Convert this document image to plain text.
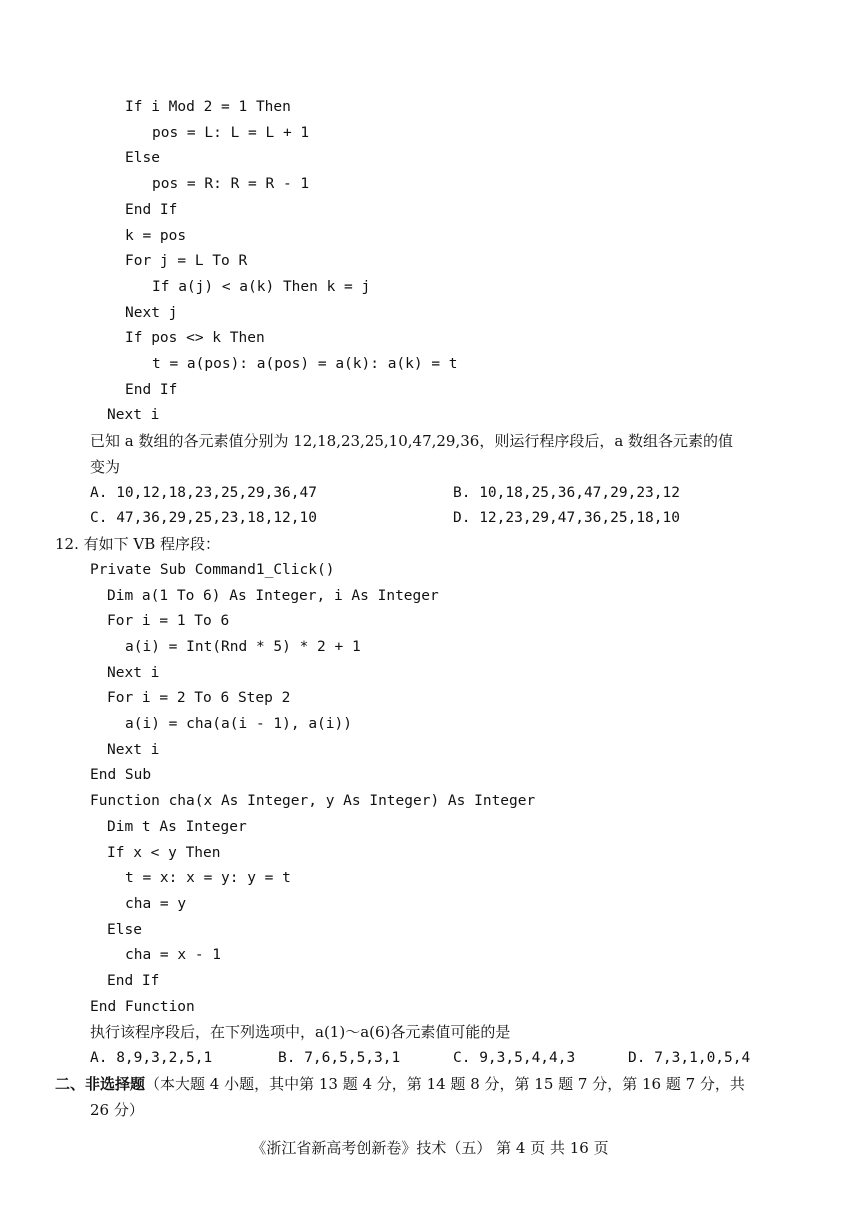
If i Mod 2 = 1 Then
pos = L: L = L + 1
Else
pos = R: R = R - 1
End If
k = pos
For j = L To R
If a(j) < a(k) Then k = j
Next j
If pos <> k Then
t = a(pos): a(pos) = a(k): a(k) = t
End If
Next i
已知 a 数组的各元素值分别为 12,18,23,25,10,47,29,36，则运行程序段后，a 数组各元素的值
变为
A. 10,12,18,23,25,29,36,47	B. 10,18,25,36,47,29,23,12
C. 47,36,29,25,23,18,12,10	D. 12,23,29,47,36,25,18,10
12. 有如下 VB 程序段：
Private Sub Command1_Click()
Dim a(1 To 6) As Integer, i As Integer
For i = 1 To 6
a(i) = Int(Rnd * 5) * 2 + 1
Next i
For i = 2 To 6 Step 2
a(i) = cha(a(i - 1), a(i))
Next i
End Sub
Function cha(x As Integer, y As Integer) As Integer
Dim t As Integer
If x < y Then
t = x: x = y: y = t
cha = y
Else
cha = x - 1
End If
End Function
执行该程序段后，在下列选项中，a(1)～a(6)各元素值可能的是
A. 8,9,3,2,5,1	B. 7,6,5,5,3,1	C. 9,3,5,4,4,3	D. 7,3,1,0,5,4
二、非选择题（本大题 4 小题，其中第 13 题 4 分，第 14 题 8 分，第 15 题 7 分，第 16 题 7 分，共
26 分）
《浙江省新高考创新卷》技术（五） 第 4 页 共 16 页
